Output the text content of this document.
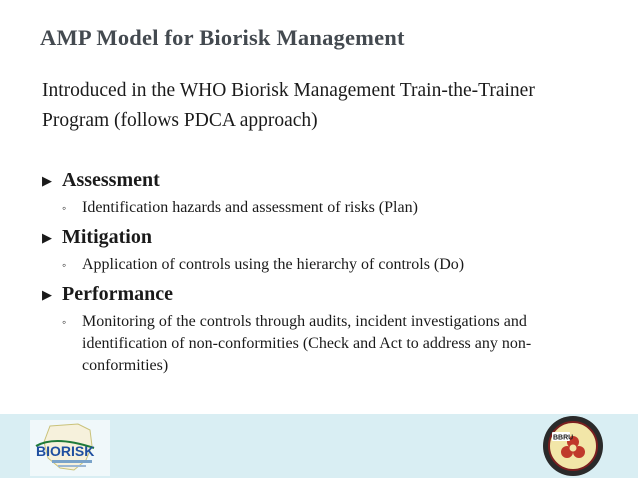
AMP Model for Biorisk Management
Introduced in the WHO Biorisk Management Train-the-Trainer Program (follows PDCA approach)
▶ Assessment
◦ Identification hazards and assessment of risks (Plan)
▶ Mitigation
◦ Application of controls using the hierarchy of controls (Do)
▶ Performance
◦ Monitoring of the controls through audits, incident investigations and identification of non-conformities (Check and Act to address any non-conformities)
BIORISK
BBRU
